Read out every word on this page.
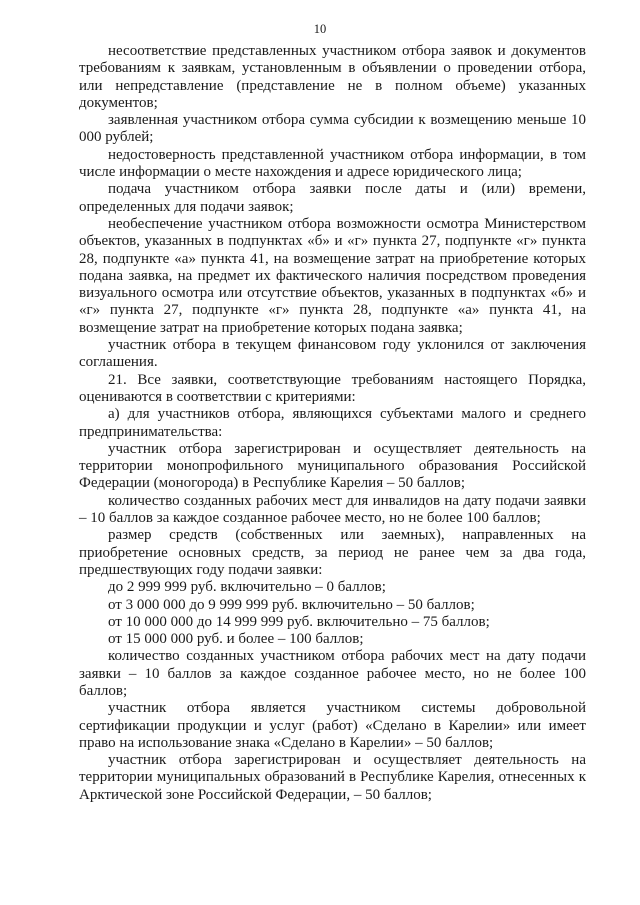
10

несоответствие представленных участником отбора заявок и документов требованиям к заявкам, установленным в объявлении о проведении отбора, или непредставление (представление не в полном объеме) указанных документов;

заявленная участником отбора сумма субсидии к возмещению меньше 10 000 рублей;

недостоверность представленной участником отбора информации, в том числе информации о месте нахождения и адресе юридического лица;

подача участником отбора заявки после даты и (или) времени, определенных для подачи заявок;

необеспечение участником отбора возможности осмотра Министерством объектов, указанных в подпунктах «б» и «г» пункта 27, подпункте «г» пункта 28, подпункте «а» пункта 41, на возмещение затрат на приобретение которых подана заявка, на предмет их фактического наличия посредством проведения визуального осмотра или отсутствие объектов, указанных в подпунктах «б» и «г» пункта 27, подпункте «г» пункта 28, подпункте «а» пункта 41, на возмещение затрат на приобретение которых подана заявка;

участник отбора в текущем финансовом году уклонился от заключения соглашения.

21. Все заявки, соответствующие требованиям настоящего Порядка, оцениваются в соответствии с критериями:

а) для участников отбора, являющихся субъектами малого и среднего предпринимательства:

участник отбора зарегистрирован и осуществляет деятельность на территории монопрофильного муниципального образования Российской Федерации (моногорода) в Республике Карелия – 50 баллов;

количество созданных рабочих мест для инвалидов на дату подачи заявки – 10 баллов за каждое созданное рабочее место, но не более 100 баллов;

размер средств (собственных или заемных), направленных на приобретение основных средств, за период не ранее чем за два года, предшествующих году подачи заявки:

до 2 999 999 руб. включительно – 0 баллов;

от 3 000 000 до 9 999 999 руб. включительно – 50 баллов;

от 10 000 000 до 14 999 999 руб. включительно – 75 баллов;

от 15 000 000 руб. и более – 100 баллов;

количество созданных участником отбора рабочих мест на дату подачи заявки – 10 баллов за каждое созданное рабочее место, но не более 100 баллов;

участник отбора является участником системы добровольной сертификации продукции и услуг (работ) «Сделано в Карелии» или имеет право на использование знака «Сделано в Карелии» – 50 баллов;

участник отбора зарегистрирован и осуществляет деятельность на территории муниципальных образований в Республике Карелия, отнесенных к Арктической зоне Российской Федерации, – 50 баллов;
